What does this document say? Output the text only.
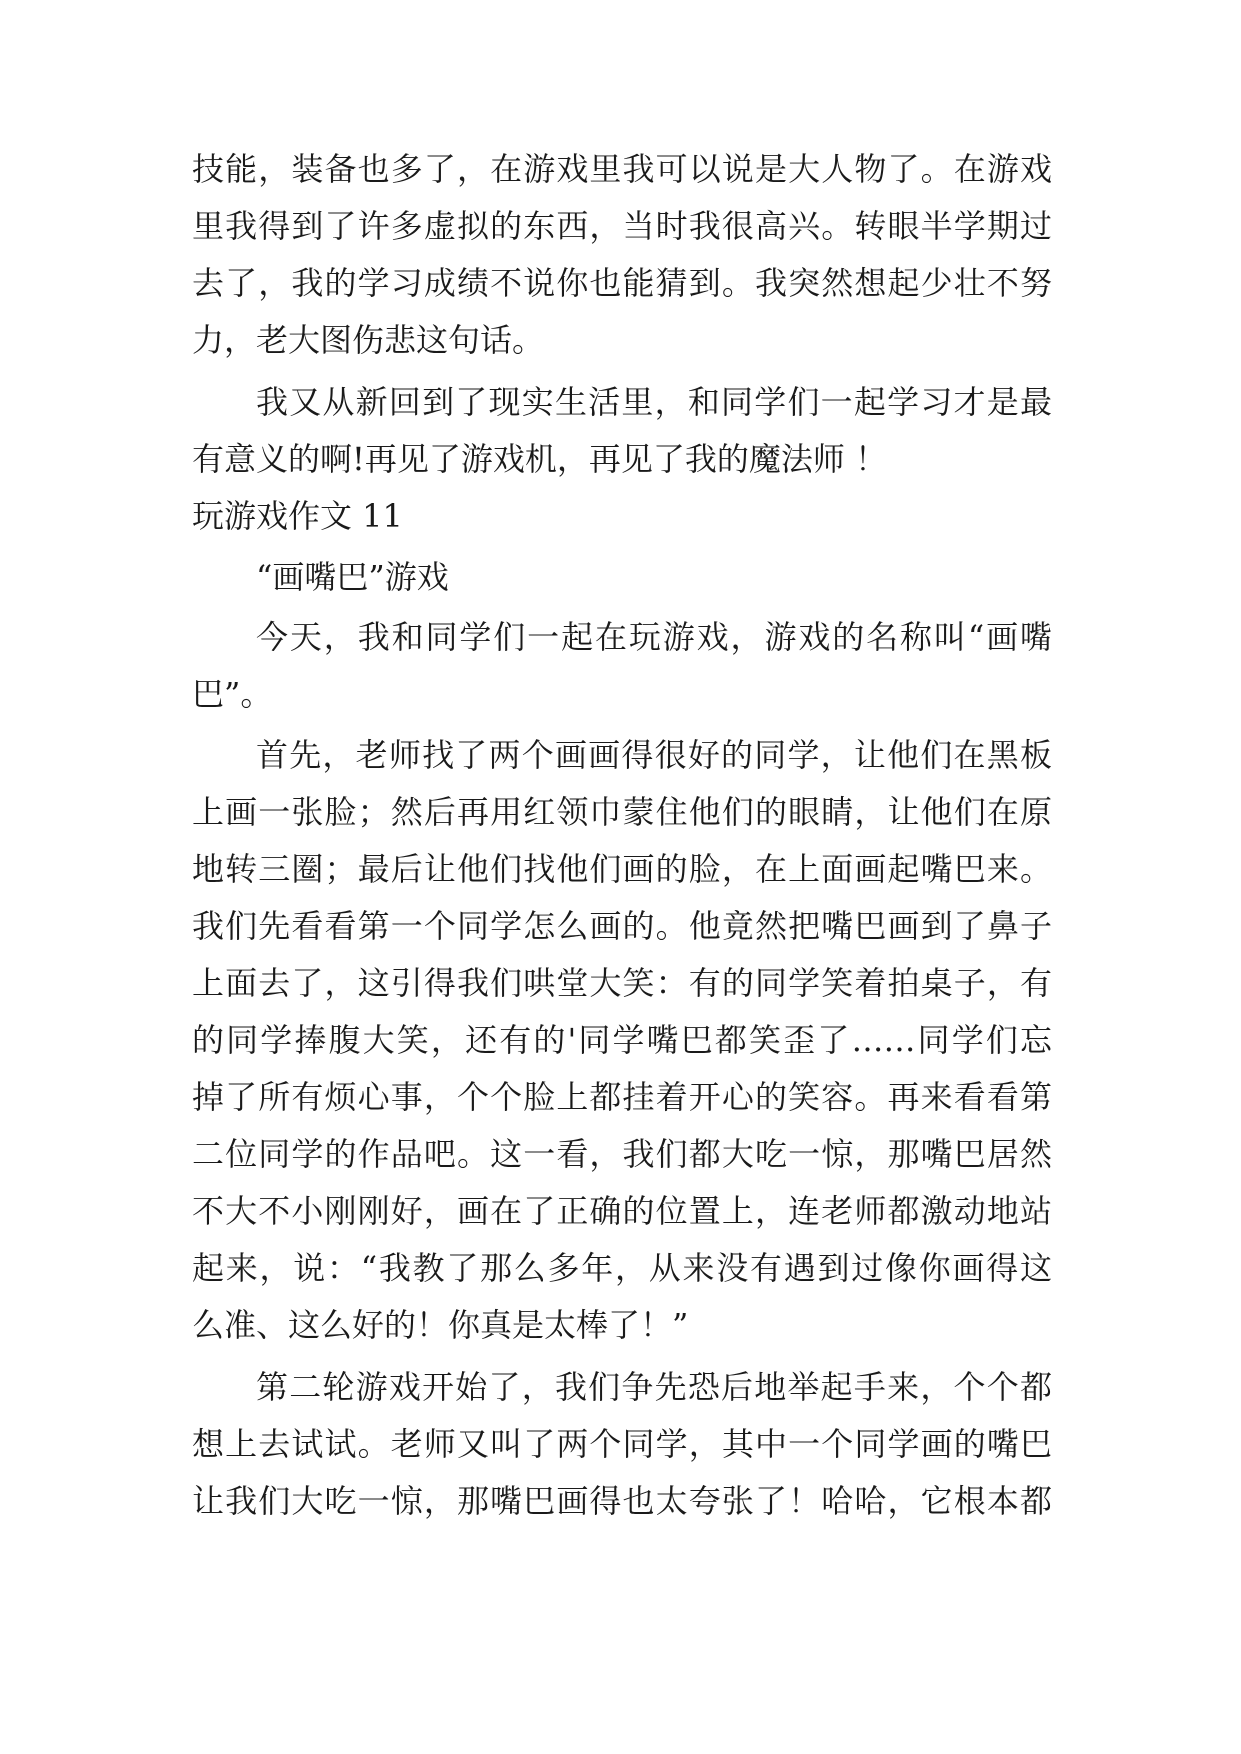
技能，装备也多了，在游戏里我可以说是大人物了。在游戏
里我得到了许多虚拟的东西，当时我很高兴。转眼半学期过
去了，我的学习成绩不说你也能猜到。我突然想起少壮不努
力，老大图伤悲这句话。
我又从新回到了现实生活里，和同学们一起学习才是最
有意义的啊!再见了游戏机，再见了我的魔法师 ！
玩游戏作文 11
“画嘴巴”游戏
今天，我和同学们一起在玩游戏，游戏的名称叫“画嘴
巴”。
首先，老师找了两个画画得很好的同学，让他们在黑板
上画一张脸；然后再用红领巾蒙住他们的眼睛，让他们在原
地转三圈；最后让他们找他们画的脸，在上面画起嘴巴来。
我们先看看第一个同学怎么画的。他竟然把嘴巴画到了鼻子
上面去了，这引得我们哄堂大笑：有的同学笑着拍桌子，有
的同学捧腹大笑，还有的'同学嘴巴都笑歪了……同学们忘
掉了所有烦心事，个个脸上都挂着开心的笑容。再来看看第
二位同学的作品吧。这一看，我们都大吃一惊，那嘴巴居然
不大不小刚刚好，画在了正确的位置上，连老师都激动地站
起来，说：“我教了那么多年，从来没有遇到过像你画得这
么准、这么好的！你真是太棒了！”
第二轮游戏开始了，我们争先恐后地举起手来，个个都
想上去试试。老师又叫了两个同学，其中一个同学画的嘴巴
让我们大吃一惊，那嘴巴画得也太夸张了！哈哈，它根本都
